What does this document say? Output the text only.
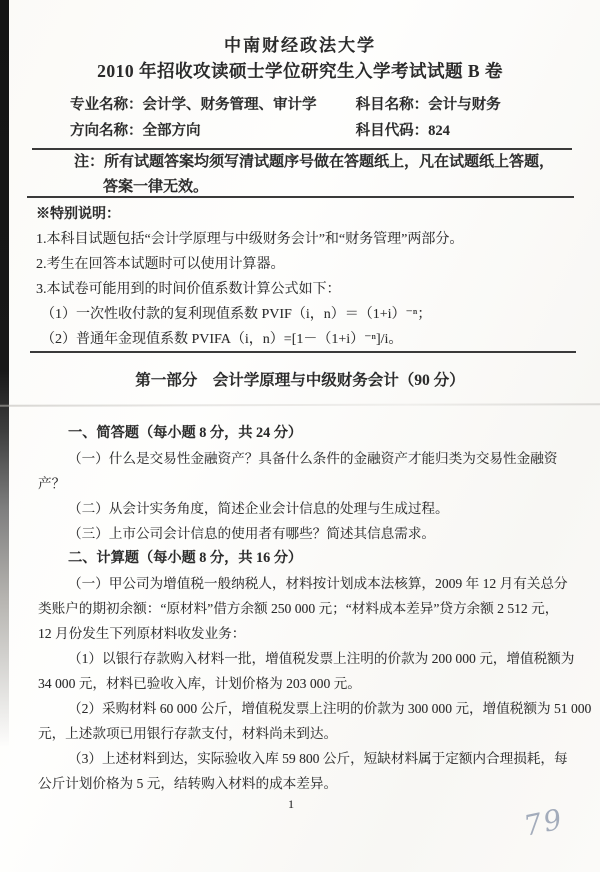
中南财经政法大学
2010 年招收攻读硕士学位研究生入学考试试题 B 卷
专业名称：会计学、财务管理、审计学	科目名称：会计与财务
方向名称：全部方向	科目代码：824
注：所有试题答案均须写清试题序号做在答题纸上，凡在试题纸上答题，
答案一律无效。
※特别说明：
1.本科目试题包括“会计学原理与中级财务会计”和“财务管理”两部分。
2.考生在回答本试题时可以使用计算器。
3.本试卷可能用到的时间价值系数计算公式如下：
（1）一次性收付款的复利现值系数 PVIF（i，n）＝（1+i）⁻ⁿ；
（2）普通年金现值系数 PVIFA（i，n）=[1－（1+i）⁻ⁿ]/i。
第一部分　会计学原理与中级财务会计（90 分）
一、简答题（每小题 8 分，共 24 分）
（一）什么是交易性金融资产？具备什么条件的金融资产才能归类为交易性金融资
产？
（二）从会计实务角度，简述企业会计信息的处理与生成过程。
（三）上市公司会计信息的使用者有哪些？简述其信息需求。
二、计算题（每小题 8 分，共 16 分）
（一）甲公司为增值税一般纳税人，材料按计划成本法核算，2009 年 12 月有关总分
类账户的期初余额：“原材料”借方余额 250 000 元；“材料成本差异”贷方余额 2 512 元，
12 月份发生下列原材料收发业务：
（1）以银行存款购入材料一批，增值税发票上注明的价款为 200 000 元，增值税额为
34 000 元，材料已验收入库，计划价格为 203 000 元。
（2）采购材料 60 000 公斤，增值税发票上注明的价款为 300 000 元，增值税额为 51 000
元，上述款项已用银行存款支付，材料尚未到达。
（3）上述材料到达，实际验收入库 59 800 公斤，短缺材料属于定额内合理损耗，每
公斤计划价格为 5 元，结转购入材料的成本差异。
1	79
